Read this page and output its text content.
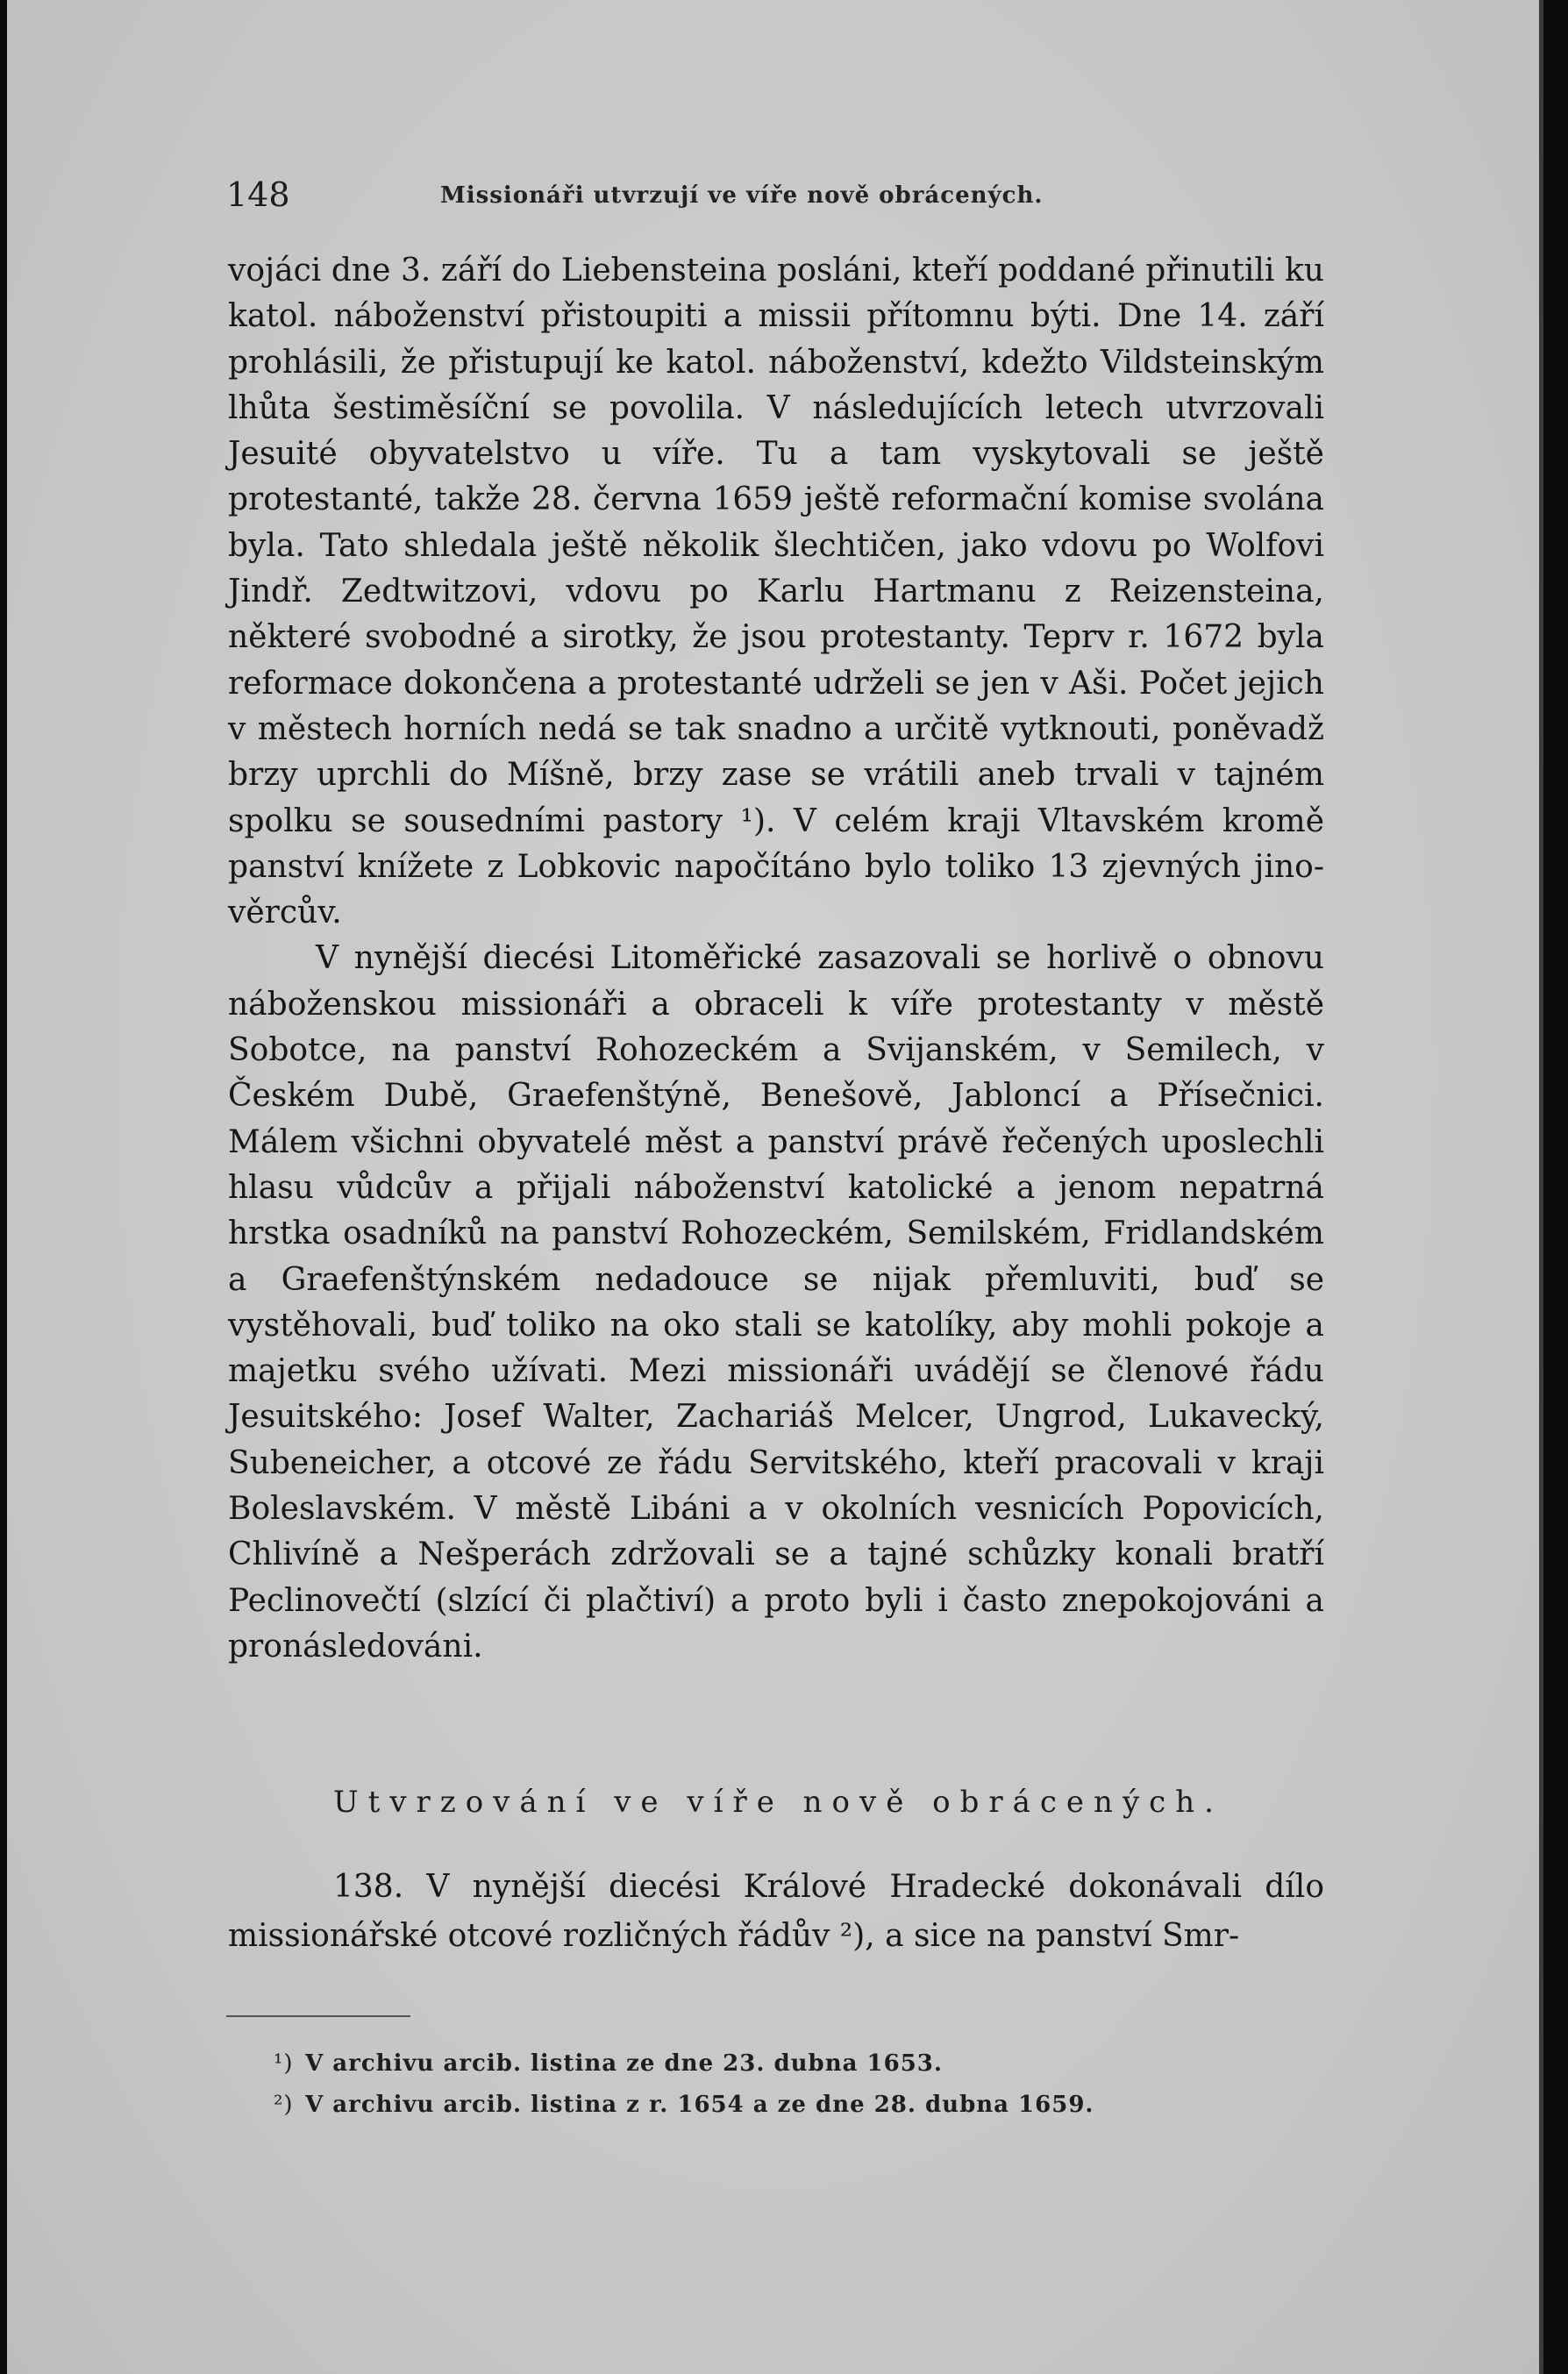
148	Missionáři utvrzují ve víře nově obrácených.

vojáci dne 3. září do Liebensteina posláni, kteří poddané přinutili ku katol. náboženství přistoupiti a missii přítomnu býti. Dne 14. září prohlásili, že přistupují ke katol. náboženství, kdežto Vildsteinským lhůta šestiměsíční se povolila. V následujících letech utvrzovali Jesuité obyvatelstvo u víře. Tu a tam vyskytovali se ještě protestanté, takže 28. června 1659 ještě reformační komise svolána byla. Tato shledala ještě několik šlechtičen, jako vdovu po Wolfovi Jindř. Zedtwitzovi, vdovu po Karlu Hartmanu z Reizensteina, některé svobodné a sirotky, že jsou protestanty. Teprv r. 1672 byla reformace dokončena a protestanté udrželi se jen v Aši. Počet jejich v městech horních nedá se tak snadno a určitě vytknouti, poněvadž brzy uprchli do Míšně, brzy zase se vrátili aneb trvali v tajném spolku se sousedními pastory ¹). V celém kraji Vltavském kromě panství knížete z Lobkovic napočítáno bylo toliko 13 zjevných jinověrcův.

V nynější diecési Litoměřické zasazovali se horlivě o obnovu náboženskou missionáři a obraceli k víře protestanty v městě Sobotce, na panství Rohozeckém a Svijanském, v Semilech, v Českém Dubě, Graefenštýně, Benešově, Jabloncí a Přísečnici. Málem všichni obyvatelé měst a panství právě řečených uposlechli hlasu vůdcův a přijali náboženství katolické a jenom nepatrná hrstka osadníků na panství Rohozeckém, Semilském, Fridlandském a Graefenštýnském nedadouce se nijak přemluviti, buď se vystěhovali, buď toliko na oko stali se katolíky, aby mohli pokoje a majetku svého užívati. Mezi missionáři uvádějí se členové řádu Jesuitského: Josef Walter, Zachariáš Melcer, Ungrod, Lukavecký, Subeneicher, a otcové ze řádu Servitského, kteří pracovali v kraji Boleslavském. V městě Libáni a v okolních vesnicích Popovicích, Chlivíně a Nešperách zdržovali se a tajné schůzky konali bratří Peclinovečtí (slzící či plačtiví) a proto byli i často znepokojováni a pronásledováni.

Utvrzování ve víře nově obrácených.

138. V nynější diecési Králové Hradecké dokonávali dílo missionářské otcové rozličných řádův ²), a sice na panství Smr-

¹) V archivu arcib. listina ze dne 23. dubna 1653.
²) V archivu arcib. listina z r. 1654 a ze dne 28. dubna 1659.
